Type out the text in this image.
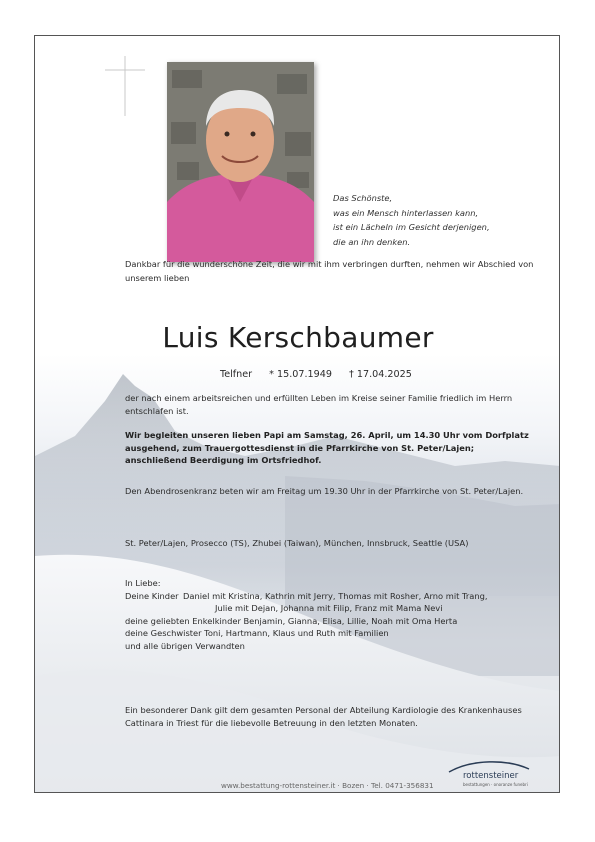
Das Schönste,
was ein Mensch hinterlassen kann,
ist ein Lächeln im Gesicht derjenigen,
die an ihn denken.
Dankbar für die wunderschöne Zeit, die wir mit ihm verbringen durften, nehmen wir Abschied von unserem lieben
Luis Kerschbaumer
Telfner * 15.07.1949 † 17.04.2025
der nach einem arbeitsreichen und erfüllten Leben im Kreise seiner Familie friedlich im Herrn entschlafen ist.
Wir begleiten unseren lieben Papi am Samstag, 26. April, um 14.30 Uhr vom Dorfplatz ausgehend, zum Trauergottesdienst in die Pfarrkirche von St. Peter/Lajen; anschließend Beerdigung im Ortsfriedhof.
Den Abendrosenkranz beten wir am Freitag um 19.30 Uhr in der Pfarrkirche von St. Peter/Lajen.
St. Peter/Lajen, Prosecco (TS), Zhubei (Taiwan), München, Innsbruck, Seattle (USA)
In Liebe:
Deine Kinder Daniel mit Kristina, Kathrin mit Jerry, Thomas mit Rosher, Arno mit Trang,
Julie mit Dejan, Johanna mit Filip, Franz mit Mama Nevi
deine geliebten Enkelkinder Benjamin, Gianna, Elisa, Lillie, Noah mit Oma Herta
deine Geschwister Toni, Hartmann, Klaus und Ruth mit Familien
und alle übrigen Verwandten
Ein besonderer Dank gilt dem gesamten Personal der Abteilung Kardiologie des Krankenhauses Cattinara in Triest für die liebevolle Betreuung in den letzten Monaten.
www.bestattung-rottensteiner.it · Bozen · Tel. 0471-356831
rottensteiner
bestattungen · onoranze funebri
